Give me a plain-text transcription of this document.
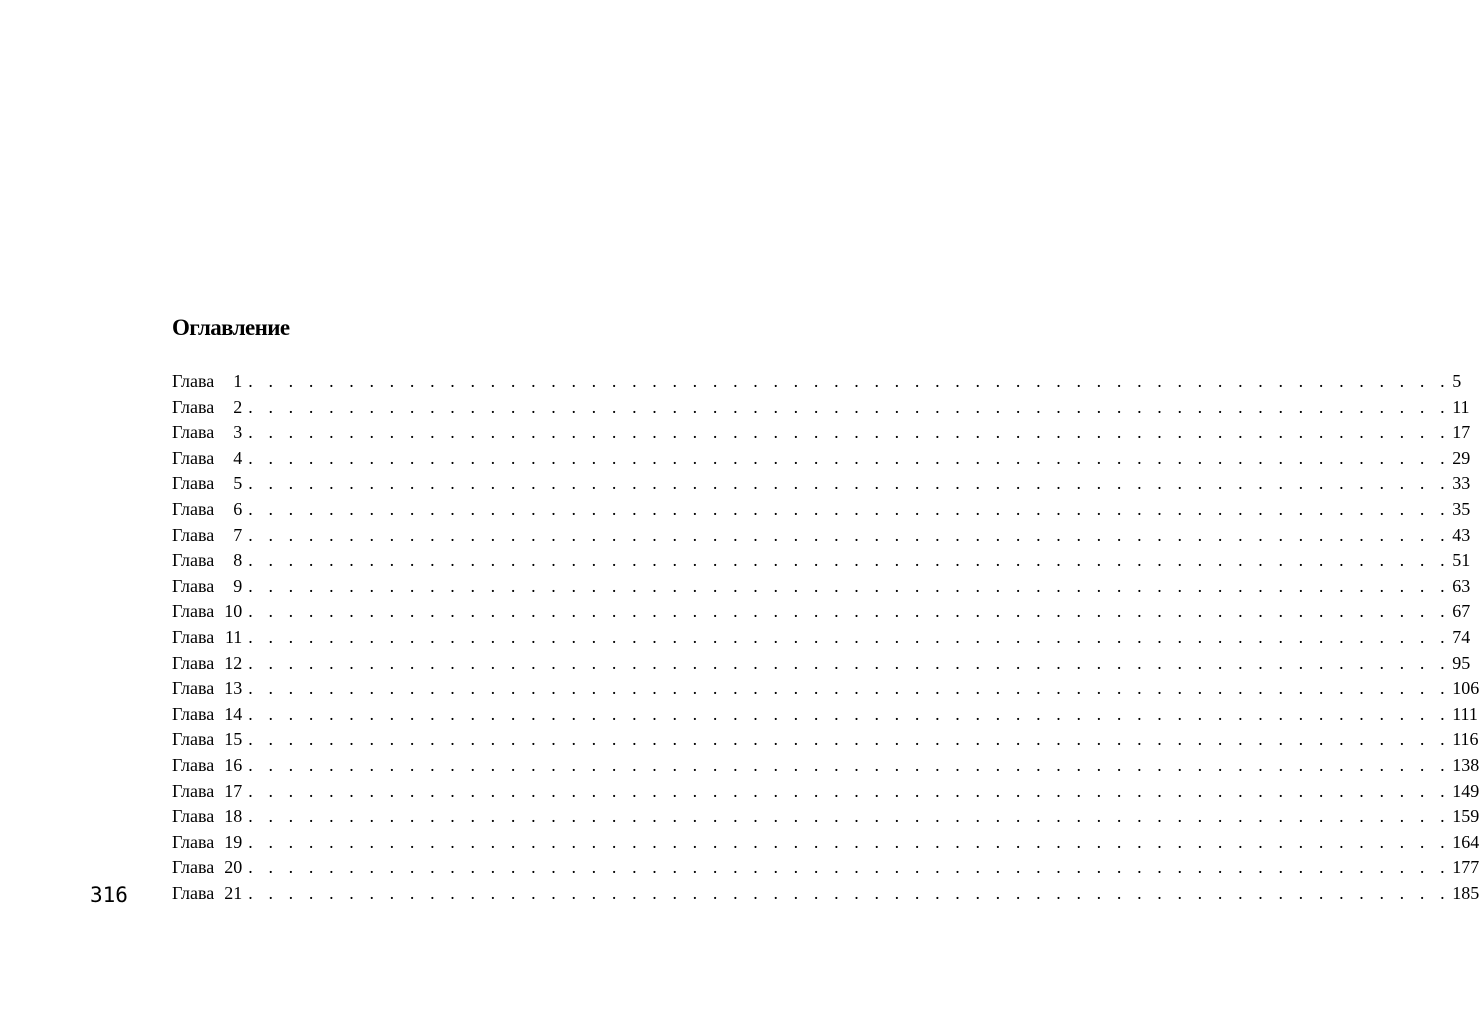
Оглавление
Глава	1 . . . . . . . . . . . . . . . . . . . . . . . . . . . . . . . . . . . . . . . . . . . . . . . . . . . . . . . . . . . . 5
Глава	2 . . . . . . . . . . . . . . . . . . . . . . . . . . . . . . . . . . . . . . . . . . . . . . . . . . . . . . . . . . . . 11
Глава	3 . . . . . . . . . . . . . . . . . . . . . . . . . . . . . . . . . . . . . . . . . . . . . . . . . . . . . . . . . . . . 17
Глава	4 . . . . . . . . . . . . . . . . . . . . . . . . . . . . . . . . . . . . . . . . . . . . . . . . . . . . . . . . . . . . 29
Глава	5 . . . . . . . . . . . . . . . . . . . . . . . . . . . . . . . . . . . . . . . . . . . . . . . . . . . . . . . . . . . . 33
Глава	6 . . . . . . . . . . . . . . . . . . . . . . . . . . . . . . . . . . . . . . . . . . . . . . . . . . . . . . . . . . . . 35
Глава	7 . . . . . . . . . . . . . . . . . . . . . . . . . . . . . . . . . . . . . . . . . . . . . . . . . . . . . . . . . . . . 43
Глава	8 . . . . . . . . . . . . . . . . . . . . . . . . . . . . . . . . . . . . . . . . . . . . . . . . . . . . . . . . . . . . 51
Глава	9 . . . . . . . . . . . . . . . . . . . . . . . . . . . . . . . . . . . . . . . . . . . . . . . . . . . . . . . . . . . . 63
Глава 10 . . . . . . . . . . . . . . . . . . . . . . . . . . . . . . . . . . . . . . . . . . . . . . . . . . . . . . . . . . . . 67
Глава 11 . . . . . . . . . . . . . . . . . . . . . . . . . . . . . . . . . . . . . . . . . . . . . . . . . . . . . . . . . . . . 74
Глава 12 . . . . . . . . . . . . . . . . . . . . . . . . . . . . . . . . . . . . . . . . . . . . . . . . . . . . . . . . . . . . 95
Глава 13 . . . . . . . . . . . . . . . . . . . . . . . . . . . . . . . . . . . . . . . . . . . . . . . . . . . . . . . . . . . . 106
Глава 14 . . . . . . . . . . . . . . . . . . . . . . . . . . . . . . . . . . . . . . . . . . . . . . . . . . . . . . . . . . . . 111
Глава 15 . . . . . . . . . . . . . . . . . . . . . . . . . . . . . . . . . . . . . . . . . . . . . . . . . . . . . . . . . . . . 116
Глава 16 . . . . . . . . . . . . . . . . . . . . . . . . . . . . . . . . . . . . . . . . . . . . . . . . . . . . . . . . . . . . 138
Глава 17 . . . . . . . . . . . . . . . . . . . . . . . . . . . . . . . . . . . . . . . . . . . . . . . . . . . . . . . . . . . . 149
Глава 18 . . . . . . . . . . . . . . . . . . . . . . . . . . . . . . . . . . . . . . . . . . . . . . . . . . . . . . . . . . . . 159
Глава 19 . . . . . . . . . . . . . . . . . . . . . . . . . . . . . . . . . . . . . . . . . . . . . . . . . . . . . . . . . . . . 164
Глава 20 . . . . . . . . . . . . . . . . . . . . . . . . . . . . . . . . . . . . . . . . . . . . . . . . . . . . . . . . . . . . 177
Глава 21 . . . . . . . . . . . . . . . . . . . . . . . . . . . . . . . . . . . . . . . . . . . . . . . . . . . . . . . . . . . . 185
316
